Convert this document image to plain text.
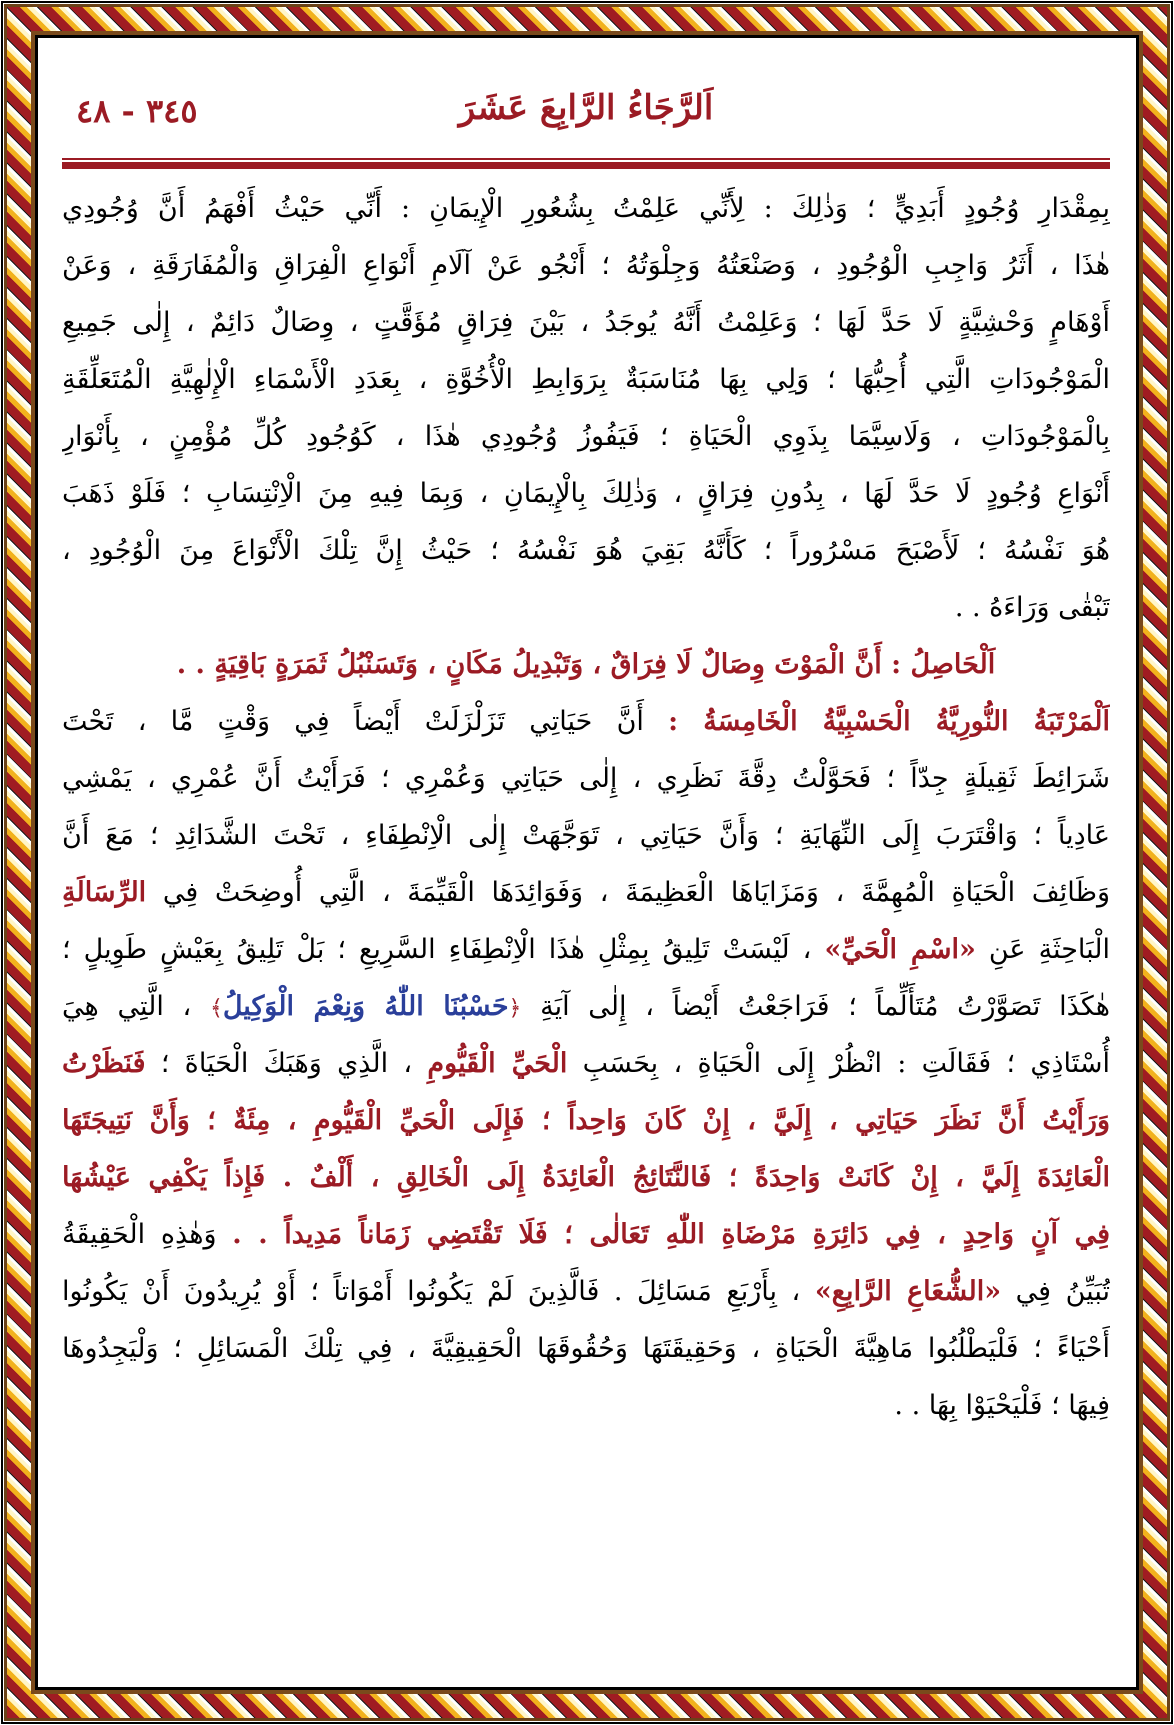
اَلرَّجَاءُ الرَّابِعَ عَشَرَ
٣٤٥ - ٤٨
بِمِقْدَارِ وُجُودٍ أَبَدِيٍّ ؛ وَذٰلِكَ : لِأَنِّي عَلِمْتُ بِشُعُورِ الْإِيمَانِ : أَنِّي حَيْثُ أَفْهَمُ أَنَّ وُجُودِي
هٰذَا ، أَثَرُ وَاجِبِ الْوُجُودِ ، وَصَنْعَتُهُ وَجِلْوَتُهُ ؛ أَنْجُو عَنْ آلَامِ أَنْوَاعِ الْفِرَاقِ وَالْمُفَارَقَةِ ، وَعَنْ
أَوْهَامٍ وَحْشِيَّةٍ لَا حَدَّ لَهَا ؛ وَعَلِمْتُ أَنَّهُ يُوجَدُ ، بَيْنَ فِرَاقٍ مُؤَقَّتٍ ، وِصَالٌ دَائِمٌ ، إِلٰى جَمِيعِ
الْمَوْجُودَاتِ الَّتِي أُحِبُّهَا ؛ وَلِي بِهَا مُنَاسَبَةٌ بِرَوَابِطِ الْأُخُوَّةِ ، بِعَدَدِ الْأَسْمَاءِ الْإِلٰهِيَّةِ الْمُتَعَلِّقَةِ
بِالْمَوْجُودَاتِ ، وَلَاسِيَّمَا بِذَوِي الْحَيَاةِ ؛ فَيَفُوزُ وُجُودِي هٰذَا ، كَوُجُودِ كُلِّ مُؤْمِنٍ ، بِأَنْوَارِ
أَنْوَاعِ وُجُودٍ لَا حَدَّ لَهَا ، بِدُونِ فِرَاقٍ ، وَذٰلِكَ بِالْإِيمَانِ ، وَبِمَا فِيهِ مِنَ الْاِنْتِسَابِ ؛ فَلَوْ ذَهَبَ
هُوَ نَفْسُهُ ؛ لَأَصْبَحَ مَسْرُوراً ؛ كَأَنَّهُ بَقِيَ هُوَ نَفْسُهُ ؛ حَيْثُ إِنَّ تِلْكَ الْأَنْوَاعَ مِنَ الْوُجُودِ ،
تَبْقٰى وَرَاءَهُ . .
اَلْحَاصِلُ : أَنَّ الْمَوْتَ وِصَالٌ لَا فِرَاقٌ ، وَتَبْدِيلُ مَكَانٍ ، وَتَسَنْبُلُ ثَمَرَةٍ بَاقِيَةٍ . .
اَلْمَرْتَبَةُ النُّورِيَّةُ الْحَسْبِيَّةُ الْخَامِسَةُ : أَنَّ حَيَاتِي تَزَلْزَلَتْ أَيْضاً فِي وَقْتٍ مَّا ، تَحْتَ
شَرَائِطَ ثَقِيلَةٍ جِدّاً ؛ فَحَوَّلْتُ دِقَّةَ نَظَرِي ، إِلٰى حَيَاتِي وَعُمْرِي ؛ فَرَأَيْتُ أَنَّ عُمْرِي ، يَمْشِي
عَادِياً ؛ وَاقْتَرَبَ إِلَى النِّهَايَةِ ؛ وَأَنَّ حَيَاتِي ، تَوَجَّهَتْ إِلٰى الْاِنْطِفَاءِ ، تَحْتَ الشَّدَائِدِ ؛ مَعَ أَنَّ
وَظَائِفَ الْحَيَاةِ الْمُهِمَّةَ ، وَمَزَايَاهَا الْعَظِيمَةَ ، وَفَوَائِدَهَا الْقَيِّمَةَ ، الَّتِي أُوضِحَتْ فِي الرِّسَالَةِ
الْبَاحِثَةِ عَنِ «اسْمِ الْحَيِّ» ، لَيْسَتْ تَلِيقُ بِمِثْلِ هٰذَا الْاِنْطِفَاءِ السَّرِيعِ ؛ بَلْ تَلِيقُ بِعَيْشٍ طَوِيلٍ ؛
هٰكَذَا تَصَوَّرْتُ مُتَأَلِّماً ؛ فَرَاجَعْتُ أَيْضاً ، إِلٰى آيَةِ ﴿حَسْبُنَا اللّٰهُ وَنِعْمَ الْوَكِيلُ﴾ ، الَّتِي هِيَ
أُسْتَاذِي ؛ فَقَالَتِ : انْظُرْ إِلَى الْحَيَاةِ ، بِحَسَبِ الْحَيِّ الْقَيُّومِ ، الَّذِي وَهَبَكَ الْحَيَاةَ ؛ فَنَظَرْتُ
وَرَأَيْتُ أَنَّ نَظَرَ حَيَاتِي ، إِلَيَّ ، إِنْ كَانَ وَاحِداً ؛ فَإِلَى الْحَيِّ الْقَيُّومِ ، مِئَةٌ ؛ وَأَنَّ نَتِيجَتَهَا
الْعَائِدَةَ إِلَيَّ ، إِنْ كَانَتْ وَاحِدَةً ؛ فَالنَّتَائِجُ الْعَائِدَةُ إِلَى الْخَالِقِ ، أَلْفٌ . فَإِذاً يَكْفِي عَيْشُهَا
فِي آنٍ وَاحِدٍ ، فِي دَائِرَةِ مَرْضَاةِ اللّٰهِ تَعَالٰى ؛ فَلَا تَقْتَضِي زَمَاناً مَدِيداً . . وَهٰذِهِ الْحَقِيقَةُ
تُبَيِّنُ فِي «الشُّعَاعِ الرَّابِعِ» ، بِأَرْبَعِ مَسَائِلَ . فَالَّذِينَ لَمْ يَكُونُوا أَمْوَاتاً ؛ أَوْ يُرِيدُونَ أَنْ يَكُونُوا
أَحْيَاءً ؛ فَلْيَطْلُبُوا مَاهِيَّةَ الْحَيَاةِ ، وَحَقِيقَتَهَا وَحُقُوقَهَا الْحَقِيقِيَّةَ ، فِي تِلْكَ الْمَسَائِلِ ؛ وَلْيَجِدُوهَا
فِيهَا ؛ فَلْيَحْيَوْا بِهَا . .
